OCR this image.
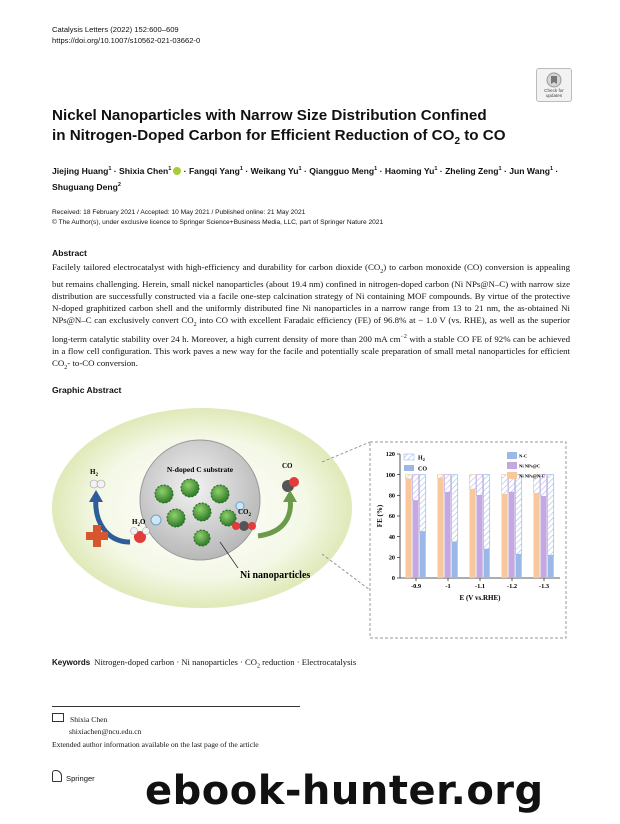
Catalysis Letters (2022) 152:600–609
https://doi.org/10.1007/s10562-021-03662-0
Check for
updates
Nickel Nanoparticles with Narrow Size Distribution Confined
in Nitrogen-Doped Carbon for Efficient Reduction of $CO_2$ to CO
Jiejing Huang$^1$ · Shixia Chen$^1$ · Fangqi Yang$^1$ · Weikang $Yu^1$ · Qiangguo Meng$^1$ · Haoming $Yu^1$ · Zheling Zeng$^1$ · Jun Wang$^1$ · Shuguang Deng$^2$
Received: 18 February 2021 / Accepted: 10 May 2021 / Published online: 21 May 2021
© The Author(s), under exclusive licence to Springer Science+Business Media, LLC, part of Springer Nature 2021
Abstract
Facilely tailored electrocatalyst with high-efficiency and durability for carbon dioxide $(CO_2)$ to carbon monoxide (CO) conversion is appealing but remains challenging. Herein, small nickel nanoparticles (about 19.4 nm) confined in nitrogen-doped carbon (Ni NPs@N–C) with narrow size distribution are successfully constructed via a facile one-step calcination strategy of Ni containing MOF compounds. By virtue of the protective N-doped graphitized carbon shell and the uniformly distributed fine Ni nanoparticles in a narrow range from 13 to 21 nm, the as-obtained Ni NPs@N–C can exclusively convert $CO_2$ into CO with excellent Faradaic efficiency (FE) of 96.8% at − 1.0 V (vs. RHE), as well as the superior long-term catalytic stability over 24 h. Moreover, a high current density of more than 200 mA $cm^{-2}$ with a stable CO FE of 92% can be achieved in a flow cell configuration. This work paves a new way for the facile and potentially scale preparation of small metal nanoparticles for efficient $CO_2-$ to-CO conversion.
Graphic Abstract
N-doped C substrate
$H_2O$
$CO_2$
CO
$H_2$
Ni nanoparticles	0
20
40
60
80
100
120
FE (%)
-0.9	-1	-1.1	-1.2	-1.3
E (V vs.RHE)
$H_2$
CO
N-C
Ni NPs@C
Ni NPs@N-C
Keywords Nitrogen-doped carbon · Ni nanoparticles · $CO_2$ reduction · Electrocatalysis
Shixia Chen
shixiachen@ncu.edu.cn
Extended author information available on the last page of the article
Springer ebook-hunter.org
